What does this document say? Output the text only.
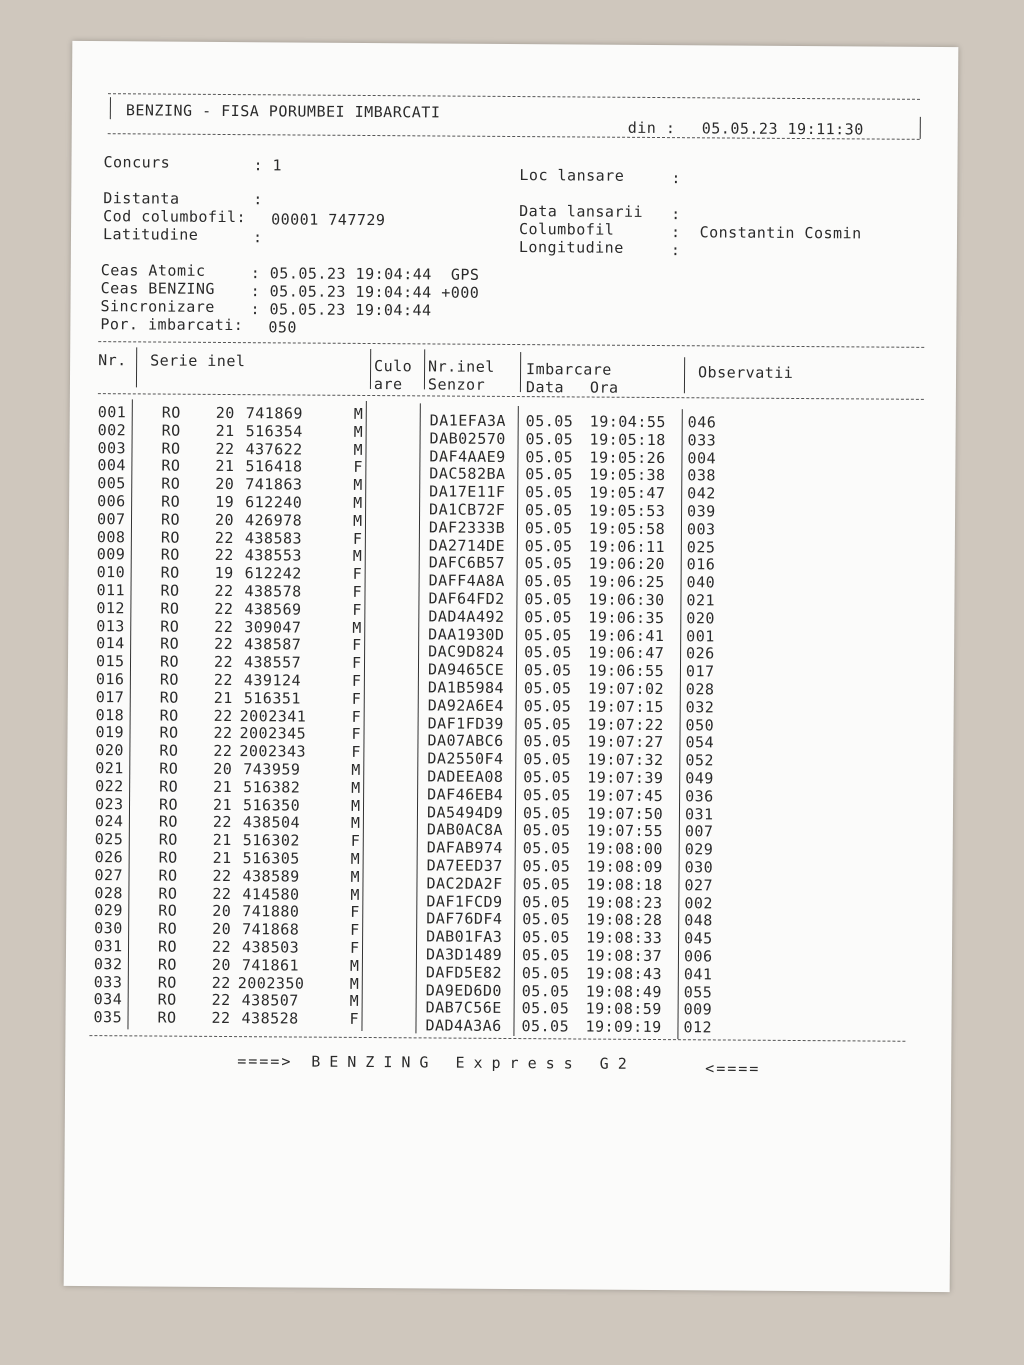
BENZING - FISA PORUMBEI IMBARCATI
din : 05.05.23 19:11:30
Concurs	: 1
Loc lansare	:
Distanta	:
Data lansarii :
Cod columbofil: 00001 747729
Columbofil	:  Constantin Cosmin
Latitudine	:
Longitudine	:
Ceas Atomic	: 05.05.23 19:04:44  GPS
Ceas BENZING : 05.05.23 19:04:44 +000
Sincronizare : 05.05.23 19:04:44
Por. imbarcati: 050
Nr. Serie inel	Culo
are
Nr.inel
Senzor
Imbarcare
Data Ora
Observatii
001 RO 20 741869	M	DA1EFA3A 05.05 19:04:55 046
002 RO 21 516354	M	DAB02570 05.05 19:05:18 033
003 RO 22 437622	M	DAF4AAE9 05.05 19:05:26 004
004 RO 21 516418	F	DAC582BA 05.05 19:05:38 038
005 RO 20 741863	M	DA17E11F 05.05 19:05:47 042
006 RO 19 612240	M	DA1CB72F 05.05 19:05:53 039
007 RO 20 426978	M	DAF2333B 05.05 19:05:58 003
008 RO 22 438583	F	DA2714DE 05.05 19:06:11 025
009 RO 22 438553	M	DAFC6B57 05.05 19:06:20 016
010 RO 19 612242	F	DAFF4A8A 05.05 19:06:25 040
011 RO 22 438578	F	DAF64FD2 05.05 19:06:30 021
012 RO 22 438569	F	DAD4A492 05.05 19:06:35 020
013 RO 22 309047	M	DAA1930D 05.05 19:06:41 001
014 RO 22 438587	F	DAC9D824 05.05 19:06:47 026
015 RO 22 438557	F	DA9465CE 05.05 19:06:55 017
016 RO 22 439124	F	DA1B5984 05.05 19:07:02 028
017 RO 21 516351	F	DA92A6E4 05.05 19:07:15 032
018 RO 22 2002341	F	DAF1FD39 05.05 19:07:22 050
019 RO 22 2002345	F	DA07ABC6 05.05 19:07:27 054
020 RO 22 2002343	F	DA2550F4 05.05 19:07:32 052
021 RO 20 743959	M	DADEEA08 05.05 19:07:39 049
022 RO 21 516382	M	DAF46EB4 05.05 19:07:45 036
023 RO 21 516350	M	DA5494D9 05.05 19:07:50 031
024 RO 22 438504	M	DAB0AC8A 05.05 19:07:55 007
025 RO 21 516302	F	DAFAB974 05.05 19:08:00 029
026 RO 21 516305	M	DA7EED37 05.05 19:08:09 030
027 RO 22 438589	M	DAC2DA2F 05.05 19:08:18 027
028 RO 22 414580	M	DAF1FCD9 05.05 19:08:23 002
029 RO 20 741880	F	DAF76DF4 05.05 19:08:28 048
030 RO 20 741868	F	DAB01FA3 05.05 19:08:33 045
031 RO 22 438503	F	DA3D1489 05.05 19:08:37 006
032 RO 20 741861	M	DAFD5E82 05.05 19:08:43 041
033 RO 22 2002350	M	DA9ED6D0 05.05 19:08:49 055
034 RO 22 438507	M	DAB7C56E 05.05 19:08:59 009
035 RO 22 438528	F	DAD4A3A6 05.05 19:09:19 012
====> BENZING Express G2	<====
